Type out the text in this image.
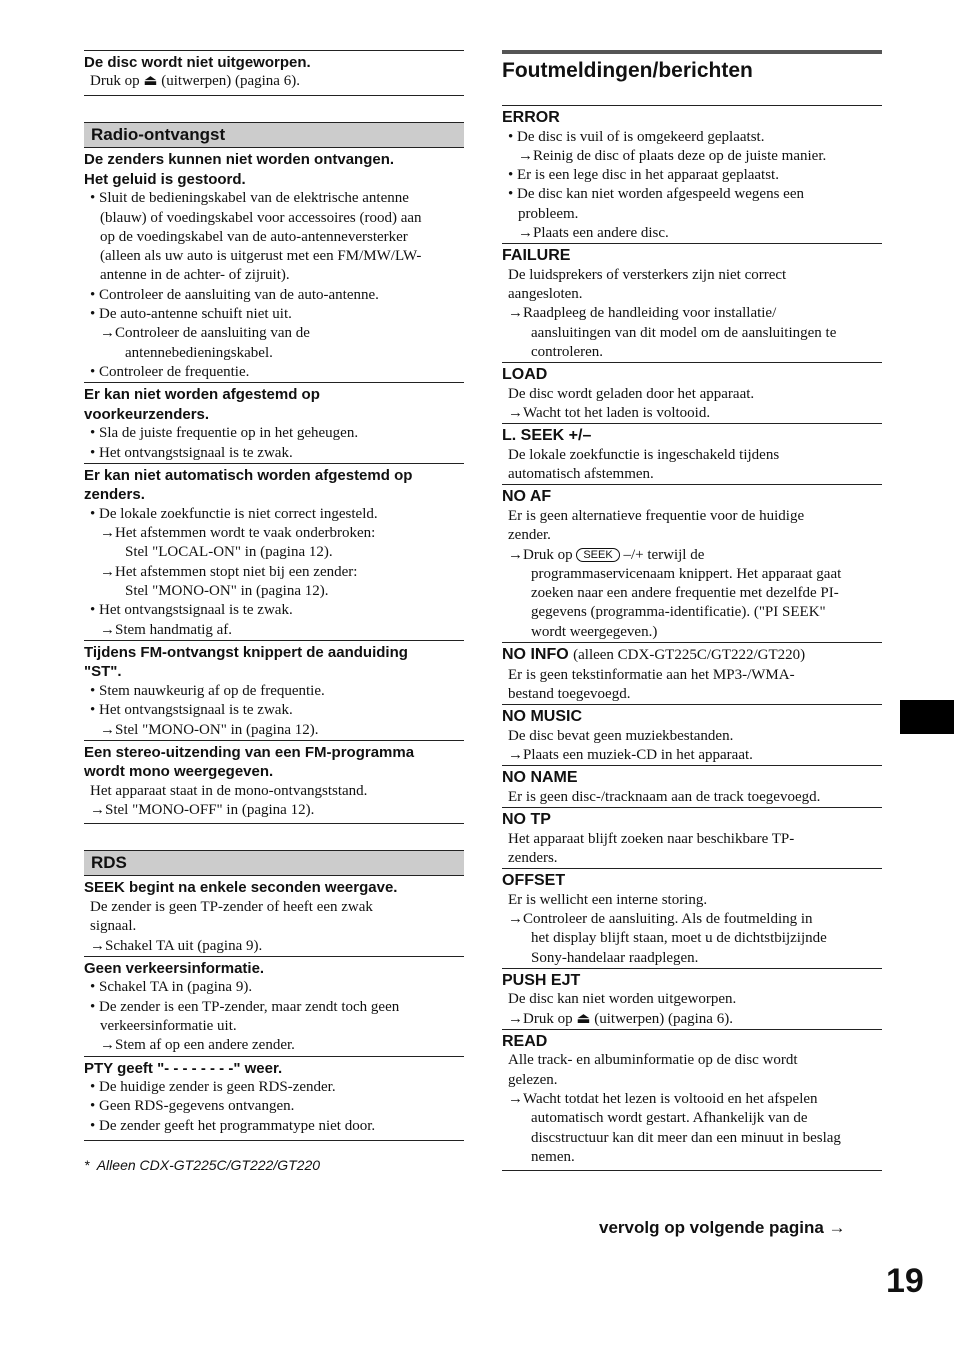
De disc wordt niet uitgeworpen.
Druk op ⏏ (uitwerpen) (pagina 6).
Radio-ontvangst
De zenders kunnen niet worden ontvangen.
Het geluid is gestoord.
• Sluit de bedieningskabel van de elektrische antenne
(blauw) of voedingskabel voor accessoires (rood) aan
op de voedingskabel van de auto-antenneversterker
(alleen als uw auto is uitgerust met een FM/MW/LW-
antenne in de achter- of zijruit).
• Controleer de aansluiting van de auto-antenne.
• De auto-antenne schuift niet uit.
→Controleer de aansluiting van de
antennebedieningskabel.
• Controleer de frequentie.
Er kan niet worden afgestemd op
voorkeurzenders.
• Sla de juiste frequentie op in het geheugen.
• Het ontvangstsignaal is te zwak.
Er kan niet automatisch worden afgestemd op
zenders.
• De lokale zoekfunctie is niet correct ingesteld.
→Het afstemmen wordt te vaak onderbroken:
Stel "LOCAL-ON" in (pagina 12).
→Het afstemmen stopt niet bij een zender:
Stel "MONO-ON" in (pagina 12).
• Het ontvangstsignaal is te zwak.
→Stem handmatig af.
Tijdens FM-ontvangst knippert de aanduiding
"ST".
• Stem nauwkeurig af op de frequentie.
• Het ontvangstsignaal is te zwak.
→Stel "MONO-ON" in (pagina 12).
Een stereo-uitzending van een FM-programma
wordt mono weergegeven.
Het apparaat staat in de mono-ontvangststand.
→Stel "MONO-OFF" in (pagina 12).
RDS
SEEK begint na enkele seconden weergave.
De zender is geen TP-zender of heeft een zwak
signaal.
→Schakel TA uit (pagina 9).
Geen verkeersinformatie.
• Schakel TA in (pagina 9).
• De zender is een TP-zender, maar zendt toch geen
verkeersinformatie uit.
→Stem af op een andere zender.
PTY geeft "- - - - - - - -" weer.
• De huidige zender is geen RDS-zender.
• Geen RDS-gegevens ontvangen.
• De zender geeft het programmatype niet door.
* Alleen CDX-GT225C/GT222/GT220
Foutmeldingen/berichten
ERROR
• De disc is vuil of is omgekeerd geplaatst.
→Reinig de disc of plaats deze op de juiste manier.
• Er is een lege disc in het apparaat geplaatst.
• De disc kan niet worden afgespeeld wegens een
probleem.
→Plaats een andere disc.
FAILURE
De luidsprekers of versterkers zijn niet correct
aangesloten.
→Raadpleeg de handleiding voor installatie/
aansluitingen van dit model om de aansluitingen te
controleren.
LOAD
De disc wordt geladen door het apparaat.
→Wacht tot het laden is voltooid.
L. SEEK +/–
De lokale zoekfunctie is ingeschakeld tijdens
automatisch afstemmen.
NO AF
Er is geen alternatieve frequentie voor de huidige
zender.
→Druk op SEEK –/+ terwijl de
programmaservicenaam knippert. Het apparaat gaat
zoeken naar een andere frequentie met dezelfde PI-
gegevens (programma-identificatie). ("PI SEEK"
wordt weergegeven.)
NO INFO (alleen CDX-GT225C/GT222/GT220)
Er is geen tekstinformatie aan het MP3-/WMA-
bestand toegevoegd.
NO MUSIC
De disc bevat geen muziekbestanden.
→Plaats een muziek-CD in het apparaat.
NO NAME
Er is geen disc-/tracknaam aan de track toegevoegd.
NO TP
Het apparaat blijft zoeken naar beschikbare TP-
zenders.
OFFSET
Er is wellicht een interne storing.
→Controleer de aansluiting. Als de foutmelding in
het display blijft staan, moet u de dichtstbijzijnde
Sony-handelaar raadplegen.
PUSH EJT
De disc kan niet worden uitgeworpen.
→Druk op ⏏ (uitwerpen) (pagina 6).
READ
Alle track- en albuminformatie op de disc wordt
gelezen.
→Wacht totdat het lezen is voltooid en het afspelen
automatisch wordt gestart. Afhankelijk van de
discstructuur kan dit meer dan een minuut in beslag
nemen.
vervolg op volgende pagina →
19
